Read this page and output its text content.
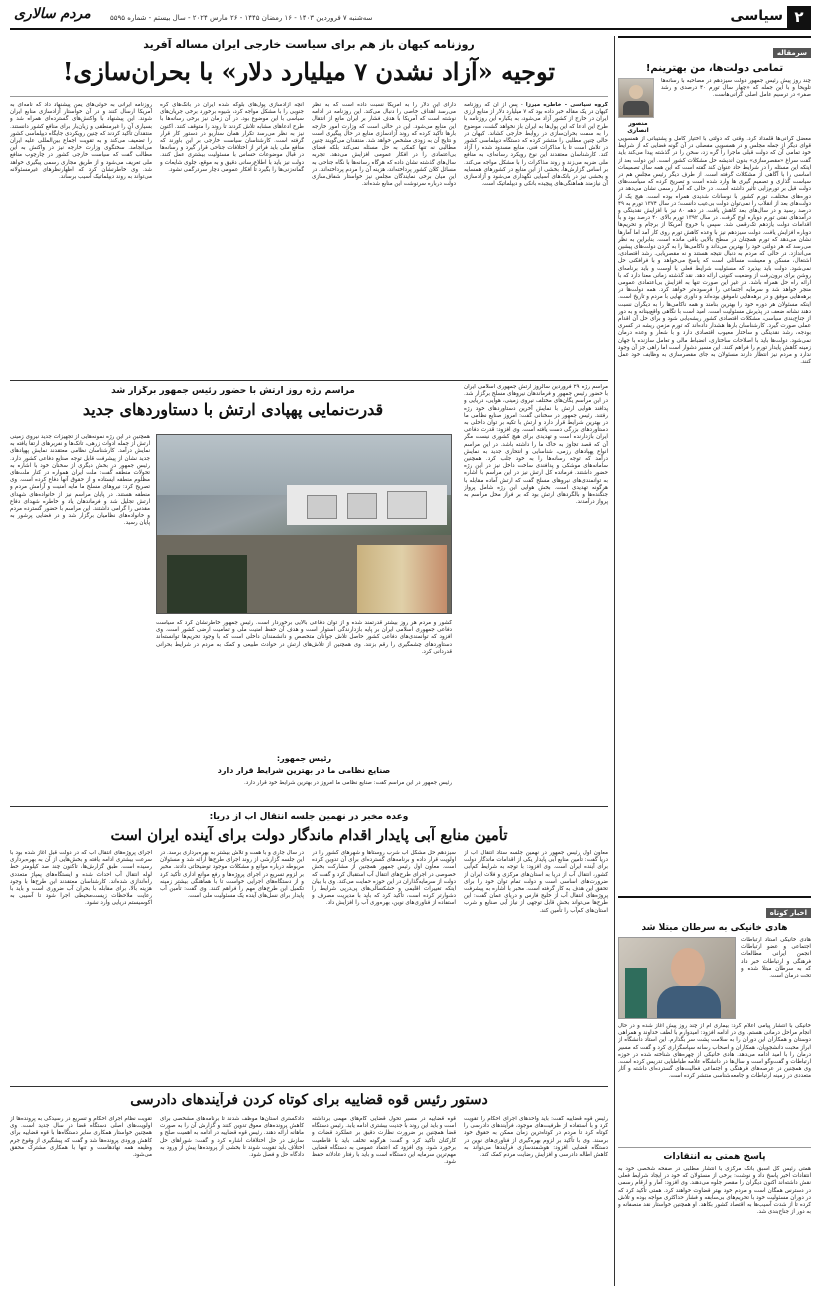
۲
سیاسی
سه‌شنبه ۷ فروردین ۱۴۰۳ - ۱۶ رمضان ۱۴۴۵ - ۲۶ مارس ۲۰۲۴ - سال بیستم - شماره ۵۵۹۵
مردم سالاری
سرمقاله
تمامی دولت‌ها، من بهترینم!
منصور انصاری
چند روز پیش رئیس جمهور دولت سیزدهم در مصاحبه با رسانه‌ها تلویحا و با این جمله که «چهار سال تورم ۴۰ درصدی و رشد صفر» در ترسیم عامل اصلی گرانی‌هاست.
معضل گرانی‌ها قلمداد کرد. وقتی که دولتی با اختیار کامل و پشتیبانی از همسویی قوای دیگر از جمله مجلس و در همسویی مفصلی در آن گونه فضایی که از شرایط خود تمامی آن که دولت قبلی ماجرا را گره زد، سخن را در گذشته پیدا می‌کند باید گفت سراغ «مقصرسازی» بدون اندیشه حل مشکلات کشور است. این دولت بعد از اینکه این مسئله را در شرایط حاد عنوان کند گفته است که این همه سال تصمیمات اساسی را با آگاهی از مشکلات گرفته است. از طرف دیگر رئیس مجلس هم در سیاست گذاری و تصمیم گیری ها وارد شده است و تصریح کرده که سیاست‌های دولت قبل بر تورم‌زایی تأثیر داشته است. در حالی که آمار رسمی نشان می‌دهد در دوره‌های مختلف، تورم کشور با نوسانات شدیدی همراه بوده است. هیچ یک از دولت‌های بعد از انقلاب را نمی‌توان دولت بی‌عیب دانست؛ در سال ۱۳۷۴ تورم به ۴۹ درصد رسید و در سال‌های بعد کاهش یافت. در دهه ۸۰ نیز با افزایش نقدینگی و درآمدهای نفتی تورم دوباره اوج گرفت. در سال ۱۳۹۲ تورم بالای ۴۰ درصد بود و با اقدامات دولت یازدهم تک‌رقمی شد. سپس با خروج آمریکا از برجام و تحریم‌ها دوباره افزایش یافت. دولت سیزدهم نیز با وعده کاهش تورم روی کار آمد اما آمارها نشان می‌دهد که تورم همچنان در سطح بالایی باقی مانده است. بنابراین به نظر می‌رسد که هر دولتی خود را بهترین می‌داند و ناکامی‌ها را به گردن دولت‌های پیشین می‌اندازد. در حالی که مردم به دنبال نتیجه هستند و نه مقصریابی. رشد اقتصادی، اشتغال، مسکن و معیشت مسائلی است که پاسخ می‌خواهد و با فرافکنی حل نمی‌شود. دولت باید بپذیرد که مسئولیت شرایط فعلی با اوست و باید برنامه‌ای روشن برای برون‌رفت از وضعیت کنونی ارائه دهد. نقد گذشته زمانی معنا دارد که با ارائه راه حل همراه باشد. در غیر این صورت تنها به افزایش بی‌اعتمادی عمومی منجر خواهد شد و سرمایه اجتماعی را فرسوده‌تر خواهد کرد. همه دولت‌ها در برهه‌هایی موفق و در برهه‌هایی ناموفق بوده‌اند و داوری نهایی با مردم و تاریخ است. اینکه مسئولان هر دوره خود را بهترین بنامند و همه ناکامی‌ها را به دیگران نسبت دهند نشانه ضعف در پذیرش مسئولیت است. امید است با نگاهی واقع‌بینانه و به دور از جناح‌بندی سیاسی، مشکلات اقتصادی کشور ریشه‌یابی شود و برای حل آن اقدام عملی صورت گیرد. کارشناسان بارها هشدار داده‌اند که تورم مزمن ریشه در کسری بودجه، رشد نقدینگی و ساختار معیوب اقتصادی دارد و با شعار و وعده درمان نمی‌شود. دولت‌ها باید با اصلاحات ساختاری، انضباط مالی و تعامل سازنده با جهان زمینه کاهش پایدار تورم را فراهم کنند. این مسیر دشوار است اما راهی جز آن وجود ندارد و مردم نیز انتظار دارند مسئولان به جای مقصرسازی به وظایف خود عمل کنند.
اخبار کوتاه
هادی خانیکی به سرطان مبتلا شد
هادی خانیکی استاد ارتباطات اجتماعی و عضو ارتباطات انجمن ایرانی مطالعات فرهنگی و ارتباطات خبر داد که به سرطان مبتلا شده و تحت درمان است.
خانیکی با انتشار پیامی اعلام کرد: بیماری ام از چند روز پیش آغاز شده و در حال انجام مراحل درمانی هستم. وی در ادامه افزود: امیدوارم با لطف خداوند و همراهی دوستان و همکاران این دوران را به سلامت پشت سر بگذارم. این استاد دانشگاه از ابراز محبت دانشجویان، همکاران و اصحاب رسانه سپاسگزاری کرد و گفت که مسیر درمان را با امید ادامه می‌دهد. هادی خانیکی از چهره‌های شناخته شده در حوزه ارتباطات و گفت‌وگو است و سال‌ها در دانشگاه علامه طباطبایی تدریس کرده است. وی همچنین در عرصه‌های فرهنگی و اجتماعی فعالیت‌های گسترده‌ای داشته و آثار متعددی در زمینه ارتباطات و جامعه‌شناسی منتشر کرده است.
پاسخ همتی به انتقادات
همتی رئیس کل اسبق بانک مرکزی با انتشار مطلبی در صفحه شخصی خود به انتقادات اخیر پاسخ داد و نوشت: برخی از مسئولان که خود در ایجاد شرایط فعلی نقش داشته‌اند اکنون دیگران را مقصر جلوه می‌دهند. وی افزود: آمار و ارقام رسمی در دسترس همگان است و مردم خود بهتر قضاوت خواهند کرد. همتی تأکید کرد که در دوران مسئولیت خود با تحریم‌های بی‌سابقه و فشار حداکثری مواجه بوده و تلاش کرده تا از شدت آسیب‌ها به اقتصاد کشور بکاهد. او همچنین خواستار نقد منصفانه و به دور از جناح‌بندی شد.
روزنامه کیهان باز هم برای سیاست خارجی ایران مساله آفرید
توجیه «آزاد نشدن ۷ میلیارد دلار» با بحران‌سازی!
گروه سیاسی - خاطره میرزا - پس از آن که روزنامه کیهان در یک مقاله خبر داده بود که ۷ میلیارد دلار از منابع ارزی ایران در خارج از کشور آزاد می‌شود، به یکباره این روزنامه با طرح این ادعا که این پول‌ها به ایران باز نخواهد گشت، موضوع را به سمت بحران‌سازی در روابط خارجی کشاند. کیهان در حالی چنین مطلبی را منتشر کرده که دستگاه دیپلماسی کشور در تلاش است تا با مذاکرات فنی، منابع مسدود شده را آزاد کند. کارشناسان معتقدند این نوع رویکرد رسانه‌ای، به منافع ملی ضربه می‌زند و روند مذاکرات را با مشکل مواجه می‌کند. بر اساس گزارش‌ها، بخشی از این منابع در کشورهای همسایه و بخشی نیز در بانک‌های آسیایی نگهداری می‌شود و آزادسازی آن نیازمند هماهنگی‌های پیچیده بانکی و دیپلماتیک است.
دارای این دلار را به آمریکا نسبت داده است که به نظر می‌رسد اهداف خاصی را دنبال می‌کند. این روزنامه در ادامه نوشته است که آمریکا با هدف فشار بر ایران مانع از انتقال این منابع می‌شود. این در حالی است که وزارت امور خارجه بارها تأکید کرده که روند آزادسازی منابع در حال پیگیری است و نتایج آن به زودی مشخص خواهد شد. منتقدان می‌گویند چنین مطالبی نه تنها کمکی به حل مسئله نمی‌کند بلکه فضای بی‌اعتمادی را در افکار عمومی افزایش می‌دهد. تجربه سال‌های گذشته نشان داده که هرگاه رسانه‌ها با نگاه جناحی به مسائل کلان کشور پرداخته‌اند، هزینه آن را مردم پرداخته‌اند. در این میان برخی نمایندگان مجلس نیز خواستار شفاف‌سازی دولت درباره سرنوشت این منابع شده‌اند.
آنچه آزادسازی پول‌های بلوکه شده ایران در بانک‌های کره جنوبی را با مشکل مواجه کرد، شیوه برخورد برخی جریان‌های سیاسی با این موضوع بود. در آن زمان نیز برخی رسانه‌ها با طرح ادعاهای مشابه تلاش کردند تا روند را متوقف کنند. اکنون نیز به نظر می‌رسد تکرار همان سناریو در دستور کار قرار گرفته است. کارشناسان سیاست خارجی بر این باورند که منافع ملی باید فراتر از اختلافات جناحی قرار گیرد و رسانه‌ها در قبال موضوعات حساس با مسئولیت بیشتری عمل کنند. دولت نیز باید با اطلاع‌رسانی دقیق و به موقع، جلوی شایعات و گمانه‌زنی‌ها را بگیرد تا افکار عمومی دچار سردرگمی نشود.
روزنامه ایرانی به حوثی‌های یمن پیشنهاد داد که نامه‌ای به آمریکا ارسال کنند و در آن خواستار آزادسازی منابع ایران شوند. این پیشنهاد با واکنش‌های گسترده‌ای همراه شد و بسیاری آن را غیرمنطقی و زیان‌بار برای منافع کشور دانستند. منتقدان تأکید کردند که چنین رویکردی جایگاه دیپلماسی کشور را تضعیف می‌کند و به تقویت اجماع بین‌المللی علیه ایران می‌انجامد. سخنگوی وزارت خارجه نیز در واکنش به این مطالب گفت که سیاست خارجی کشور در چارچوب منافع ملی تعریف می‌شود و از طریق مجاری رسمی پیگیری خواهد شد. وی خاطرنشان کرد که اظهارنظرهای غیرمسئولانه می‌تواند به روند دیپلماتیک آسیب برساند.
مراسم رژه ۲۹ فروردین سالروز ارتش جمهوری اسلامی ایران با حضور رئیس جمهور و فرماندهان نیروهای مسلح برگزار شد. در این مراسم یگان‌های مختلف نیروی زمینی، هوایی، دریایی و پدافند هوایی ارتش با نمایش آخرین دستاوردهای خود رژه رفتند. رئیس جمهور در سخنانی گفت: امروز صنایع نظامی ما در بهترین شرایط قرار دارد و ارتش با تکیه بر توان داخلی به دستاوردهای بزرگی دست یافته است. وی افزود: قدرت دفاعی ایران بازدارنده است و تهدیدی برای هیچ کشوری نیست مگر آن که قصد تجاوز به خاک ما را داشته باشد. در این مراسم انواع پهپادهای رزمی، شناسایی و انتحاری جدید به نمایش درآمد که توجه رسانه‌ها را به خود جلب کرد. همچنین سامانه‌های موشکی و پدافندی ساخت داخل نیز در این رژه حضور داشتند. فرمانده کل ارتش نیز در این مراسم با اشاره به توانمندی‌های نیروهای مسلح گفت که ارتش آماده مقابله با هرگونه تهدیدی است. بخش هوایی این رژه شامل پرواز جنگنده‌ها و بالگردهای ارتش بود که بر فراز محل مراسم به پرواز درآمدند.
مراسم رژه روز ارتش با حضور رئیس جمهور برگزار شد
قدرت‌نمایی پهپادی ارتش با دستاوردهای جدید
همچنین در این رژه نمونه‌هایی از تجهیزات جدید نیروی زمینی ارتش از جمله ادوات زرهی، تانک‌ها و نفربرهای ارتقا یافته به نمایش درآمد. کارشناسان نظامی معتقدند نمایش پهپادهای جدید نشان از پیشرفت قابل توجه صنایع دفاعی کشور دارد. رئیس جمهور در بخش دیگری از سخنان خود با اشاره به تحولات منطقه گفت: ملت ایران همواره در کنار ملت‌های مظلوم منطقه ایستاده و از حقوق آنها دفاع کرده است. وی تصریح کرد: نیروهای مسلح ما مایه امنیت و آرامش مردم و منطقه هستند. در پایان مراسم نیز از خانواده‌های شهدای ارتش تجلیل شد و فرماندهان یاد و خاطره شهدای دفاع مقدس را گرامی داشتند. این مراسم با حضور گسترده مردم و خانواده‌های نظامیان برگزار شد و در فضایی پرشور به پایان رسید.
کشور و مردم هر روز بیشتر قدرتمند شده و از توان دفاعی بالایی برخوردار است. رئیس جمهور خاطرنشان کرد که سیاست دفاعی جمهوری اسلامی ایران بر پایه بازدارندگی استوار است و هدف آن حفظ امنیت ملی و تمامیت ارضی کشور است. وی افزود که توانمندی‌های دفاعی کشور حاصل تلاش جوانان متخصص و دانشمندان داخلی است که با وجود تحریم‌ها توانسته‌اند دستاوردهای چشمگیری را رقم بزنند. وی همچنین از تلاش‌های ارتش در حوادث طبیعی و کمک به مردم در شرایط بحرانی قدردانی کرد.
رئیس جمهور:
صنایع نظامی ما در بهترین شرایط قرار دارد
رئیس جمهور در این مراسم گفت: صنایع نظامی ما امروز در بهترین شرایط خود قرار دارد.
وعده مخبر در نهمین جلسه انتقال آب از دریا:
تأمین منابع آبی پایدار اقدام ماندگار دولت برای آینده ایران است
معاون اول رئیس جمهور در نهمین جلسه ستاد انتقال آب از دریا گفت: تأمین منابع آبی پایدار یکی از اقدامات ماندگار دولت برای آینده ایران است. وی افزود: با توجه به شرایط کم‌آبی کشور، انتقال آب از دریا به استان‌های مرکزی و فلات ایران از ضرورت‌های اساسی است و دولت تمام توان خود را برای تحقق این هدف به کار گرفته است. مخبر با اشاره به پیشرفت پروژه‌های انتقال آب از خلیج فارس و دریای عمان گفت: این طرح‌ها می‌تواند بخش قابل توجهی از نیاز آبی صنایع و شرب استان‌های کم‌آب را تأمین کند.
سیزدهم حل مشکل آب شرب روستاها و شهرهای کشور را در اولویت قرار داده و برنامه‌های گسترده‌ای برای آن تدوین کرده است. معاون اول رئیس جمهور همچنین از مشارکت بخش خصوصی در اجرای طرح‌های انتقال آب استقبال کرد و گفت که دولت از سرمایه‌گذاران در این حوزه حمایت می‌کند. وی با بیان اینکه تغییرات اقلیمی و خشکسالی‌های پی‌درپی شرایط را دشوارتر کرده است، تأکید کرد که باید با مدیریت مصرف و استفاده از فناوری‌های نوین، بهره‌وری آب را افزایش داد.
در سال جاری و با همت و تلاش بیشتر به بهره‌برداری برسد. در این جلسه گزارشی از روند اجرای طرح‌ها ارائه شد و مسئولان مربوطه درباره موانع و مشکلات موجود توضیحاتی دادند. مخبر بر لزوم تسریع در اجرای پروژه‌ها و رفع موانع اداری تأکید کرد و از دستگاه‌های اجرایی خواست تا با هماهنگی بیشتر زمینه تکمیل این طرح‌های مهم را فراهم کنند. وی گفت: تأمین آب پایدار برای نسل‌های آینده یک مسئولیت ملی است.
اجرای پروژه‌های انتقال آب که در دولت قبل آغاز شده بود با سرعت بیشتری ادامه یافته و بخش‌هایی از آن به بهره‌برداری رسیده است. طبق گزارش‌ها، تاکنون چند صد کیلومتر خط لوله انتقال آب احداث شده و ایستگاه‌های پمپاژ متعددی راه‌اندازی شده‌اند. کارشناسان معتقدند این طرح‌ها با وجود هزینه بالا، برای مقابله با بحران آب ضروری است و باید با رعایت ملاحظات زیست‌محیطی اجرا شود تا آسیبی به اکوسیستم دریایی وارد نشود.
دستور رئیس قوه قضاییه برای کوتاه کردن فرآیندهای دادرسی
رئیس قوه قضاییه گفت: باید واحدهای اجرای احکام را تقویت کرد و با استفاده از ظرفیت‌های موجود، فرآیندهای دادرسی را کوتاه کرد تا مردم در کوتاه‌ترین زمان ممکن به حقوق خود برسند. وی با تأکید بر لزوم بهره‌گیری از فناوری‌های نوین در دستگاه قضایی افزود: هوشمندسازی فرآیندها می‌تواند به کاهش اطاله دادرسی و افزایش رضایت مردم کمک کند.
قوه قضاییه در مسیر تحول قضایی گام‌های مهمی برداشته است و باید این روند با جدیت بیشتری ادامه یابد. رئیس دستگاه قضا همچنین بر ضرورت نظارت دقیق بر عملکرد قضات و کارکنان تأکید کرد و گفت: هرگونه تخلف باید با قاطعیت برخورد شود. وی افزود که اعتماد عمومی به دستگاه قضایی مهم‌ترین سرمایه این دستگاه است و باید با رفتار عادلانه حفظ شود.
دادگستری استان‌ها موظف شدند تا برنامه‌های مشخصی برای کاهش پرونده‌های معوق تدوین کنند و گزارش آن را به صورت ماهانه ارائه دهند. رئیس قوه قضاییه در ادامه به اهمیت صلح و سازش در حل اختلافات اشاره کرد و گفت: شوراهای حل اختلاف باید تقویت شوند تا بخشی از پرونده‌ها پیش از ورود به دادگاه حل و فصل شود.
تقویت نظام اجرای احکام و تسریع در رسیدگی به پرونده‌ها از اولویت‌های اصلی دستگاه قضا در سال جدید است. وی همچنین خواستار همکاری سایر دستگاه‌ها با قوه قضاییه برای کاهش ورودی پرونده‌ها شد و گفت که پیشگیری از وقوع جرم وظیفه همه نهادهاست و تنها با همکاری مشترک محقق می‌شود.
